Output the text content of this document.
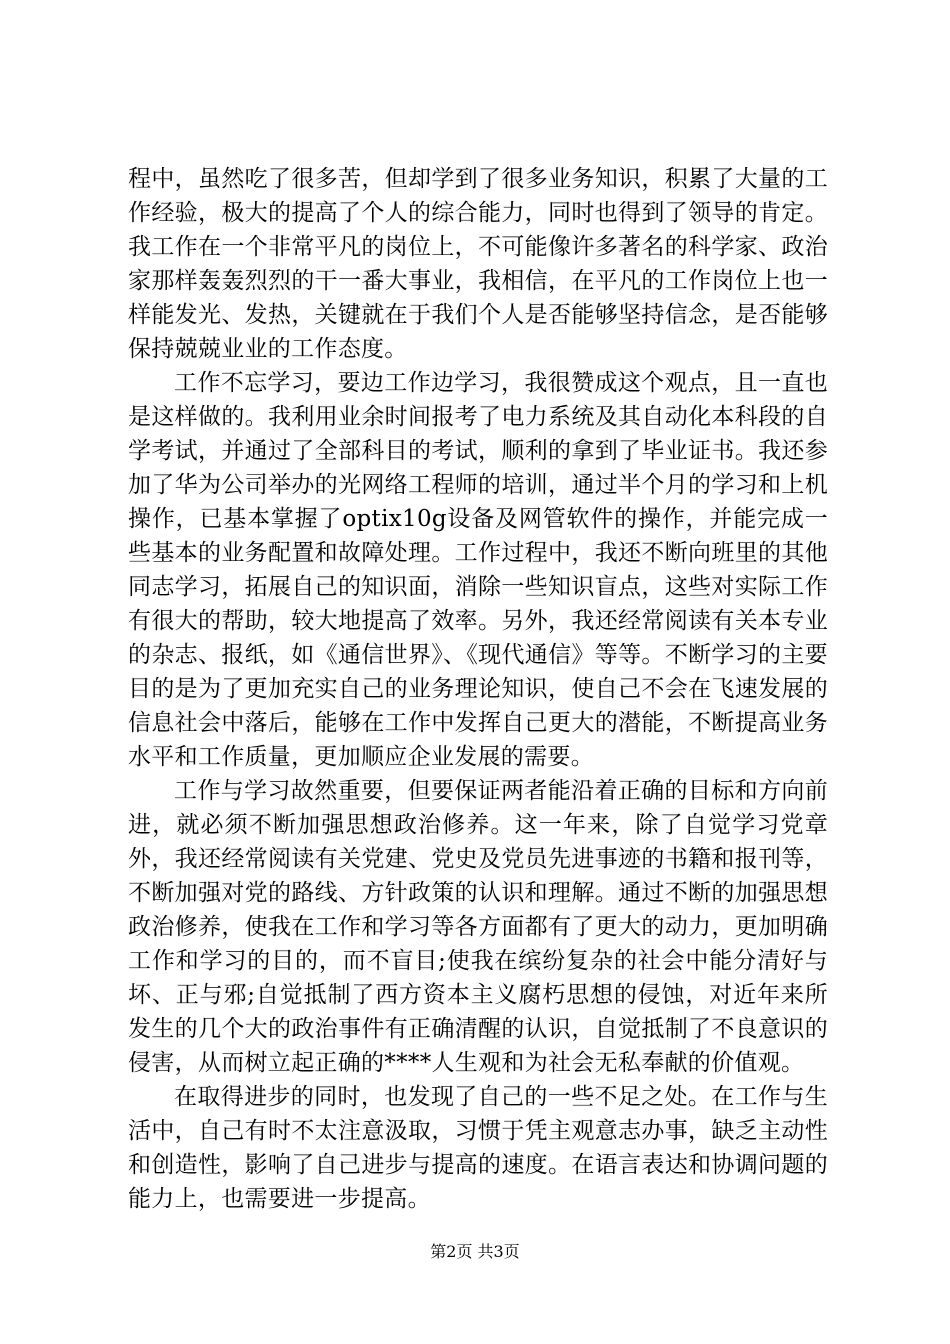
程中，虽然吃了很多苦，但却学到了很多业务知识，积累了大量的工作经验，极大的提高了个人的综合能力，同时也得到了领导的肯定。我工作在一个非常平凡的岗位上，不可能像许多著名的科学家、政治家那样轰轰烈烈的干一番大事业，我相信，在平凡的工作岗位上也一样能发光、发热，关键就在于我们个人是否能够坚持信念，是否能够保持兢兢业业的工作态度。

工作不忘学习，要边工作边学习，我很赞成这个观点，且一直也是这样做的。我利用业余时间报考了电力系统及其自动化本科段的自学考试，并通过了全部科目的考试，顺利的拿到了毕业证书。我还参加了华为公司举办的光网络工程师的培训，通过半个月的学习和上机操作，已基本掌握了optix10g设备及网管软件的操作，并能完成一些基本的业务配置和故障处理。工作过程中，我还不断向班里的其他同志学习，拓展自己的知识面，消除一些知识盲点，这些对实际工作有很大的帮助，较大地提高了效率。另外，我还经常阅读有关本专业的杂志、报纸，如《通信世界》、《现代通信》等等。不断学习的主要目的是为了更加充实自己的业务理论知识，使自己不会在飞速发展的信息社会中落后，能够在工作中发挥自己更大的潜能，不断提高业务水平和工作质量，更加顺应企业发展的需要。

工作与学习故然重要，但要保证两者能沿着正确的目标和方向前进，就必须不断加强思想政治修养。这一年来，除了自觉学习党章外，我还经常阅读有关党建、党史及党员先进事迹的书籍和报刊等，不断加强对党的路线、方针政策的认识和理解。通过不断的加强思想政治修养，使我在工作和学习等各方面都有了更大的动力，更加明确工作和学习的目的，而不盲目;使我在缤纷复杂的社会中能分清好与坏、正与邪;自觉抵制了西方资本主义腐朽思想的侵蚀，对近年来所发生的几个大的政治事件有正确清醒的认识，自觉抵制了不良意识的侵害，从而树立起正确的****人生观和为社会无私奉献的价值观。

在取得进步的同时，也发现了自己的一些不足之处。在工作与生活中，自己有时不太注意汲取，习惯于凭主观意志办事，缺乏主动性和创造性，影响了自己进步与提高的速度。在语言表达和协调问题的能力上，也需要进一步提高。

第2页 共3页
